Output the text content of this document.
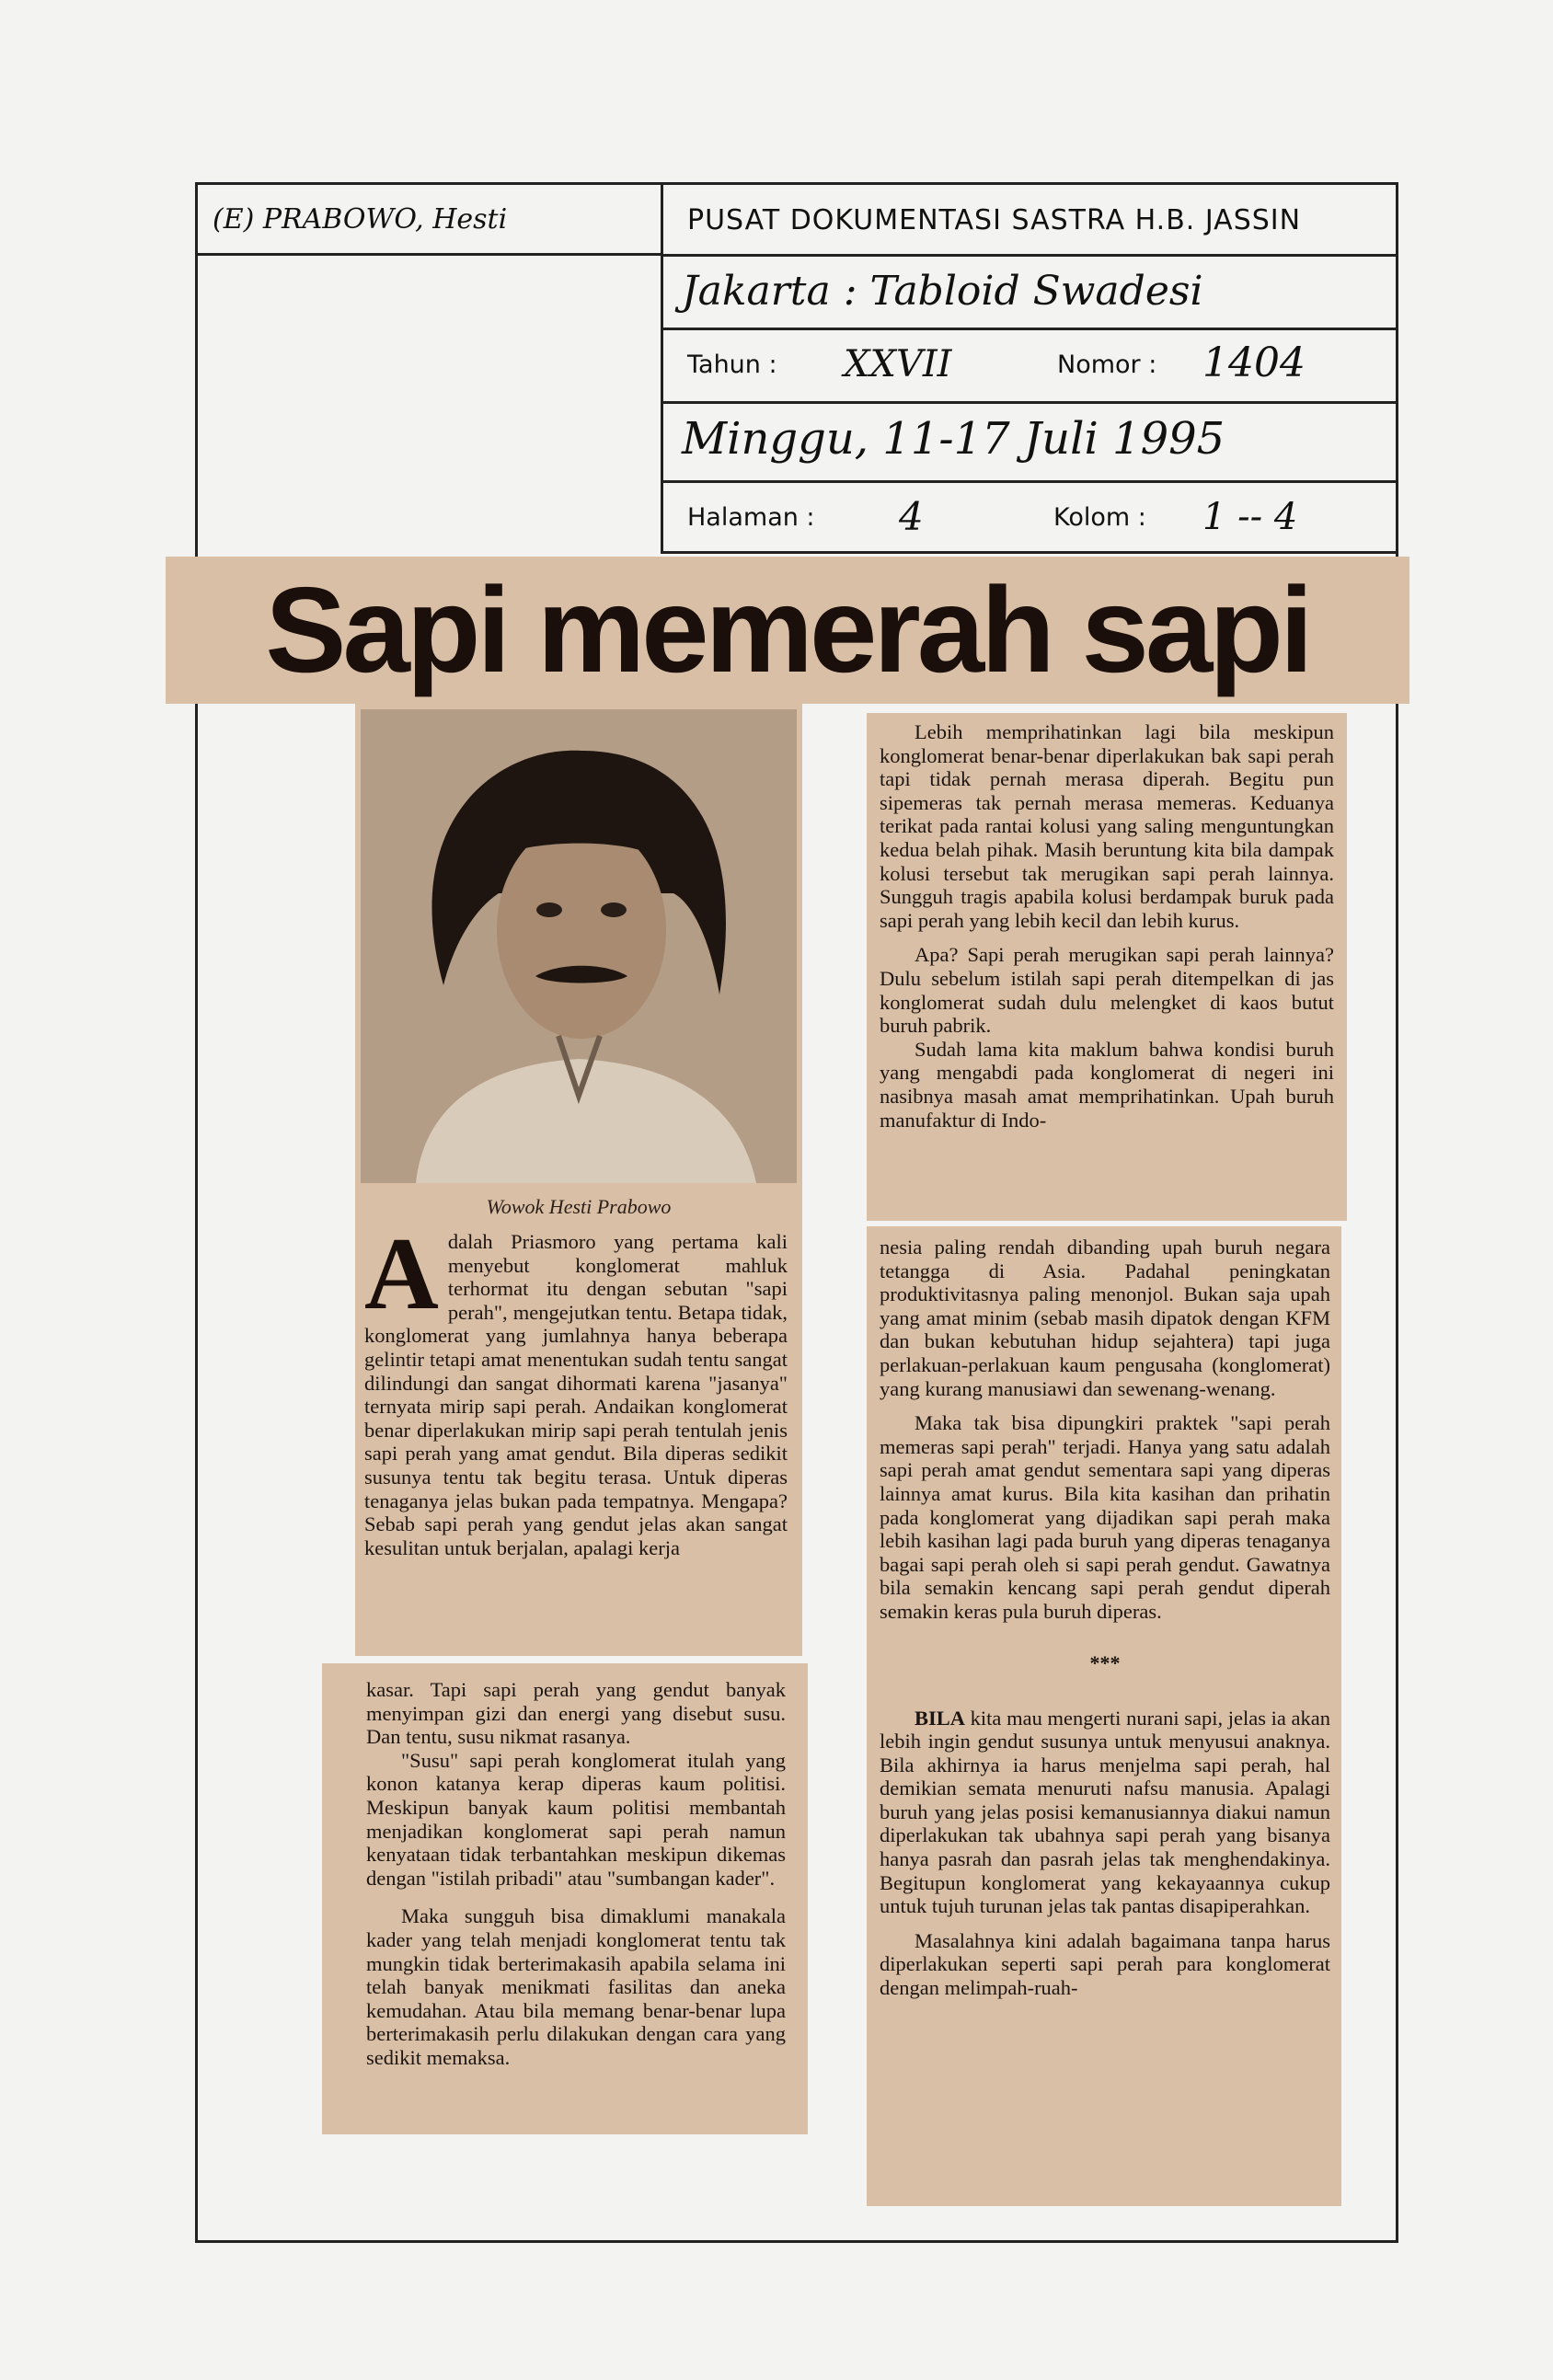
(E) PRABOWO, Hesti	PUSAT DOKUMENTASI SASTRA H.B. JASSIN
Jakarta : Tabloid Swadesi
Tahun : XXVII	Nomor : 1404
Minggu, 11-17 Juli 1995
Halaman : 4	Kolom : 1 -- 4
Sapi memerah sapi
Wowok Hesti Prabowo
A dalah Priasmoro yang pertama kali menyebut konglomerat mahluk terhormat itu dengan sebutan "sapi perah", mengejutkan tentu. Betapa tidak, konglomerat yang jumlahnya hanya beberapa gelintir tetapi amat menentukan sudah tentu sangat dilindungi dan sangat dihormati karena "jasanya" ternyata mirip sapi perah. Andaikan konglomerat benar diperlakukan mirip sapi perah tentulah jenis sapi perah yang amat gendut. Bila diperas sedikit susunya tentu tak begitu terasa. Untuk diperas tenaganya jelas bukan pada tempatnya. Mengapa? Sebab sapi perah yang gendut jelas akan sangat kesulitan untuk berjalan, apalagi kerja

kasar. Tapi sapi perah yang gendut banyak menyimpan gizi dan energi yang disebut susu. Dan tentu, susu nikmat rasanya.

"Susu" sapi perah konglomerat itulah yang konon katanya kerap diperas kaum politisi. Meskipun banyak kaum politisi membantah menjadikan konglomerat sapi perah namun kenyataan tidak terbantahkan meskipun dikemas dengan "istilah pribadi" atau "sumbangan kader".

Maka sungguh bisa dimaklumi manakala kader yang telah menjadi konglomerat tentu tak mungkin tidak berterimakasih apabila selama ini telah banyak menikmati fasilitas dan aneka kemudahan. Atau bila memang benar-benar lupa berterimakasih perlu dilakukan dengan cara yang sedikit memaksa.

Lebih memprihatinkan lagi bila meskipun konglomerat benar-benar diperlakukan bak sapi perah tapi tidak pernah merasa diperah. Begitu pun sipemeras tak pernah merasa memeras. Keduanya terikat pada rantai kolusi yang saling menguntungkan kedua belah pihak. Masih beruntung kita bila dampak kolusi tersebut tak merugikan sapi perah lainnya. Sungguh tragis apabila kolusi berdampak buruk pada sapi perah yang lebih kecil dan lebih kurus.

Apa? Sapi perah merugikan sapi perah lainnya? Dulu sebelum istilah sapi perah ditempelkan di jas konglomerat sudah dulu melengket di kaos butut buruh pabrik.

Sudah lama kita maklum bahwa kondisi buruh yang mengabdi pada konglomerat di negeri ini nasibnya masah amat memprihatinkan. Upah buruh manufaktur di Indo-

nesia paling rendah dibanding upah buruh negara tetangga di Asia. Padahal peningkatan produktivitasnya paling menonjol. Bukan saja upah yang amat minim (sebab masih dipatok dengan KFM dan bukan kebutuhan hidup sejahtera) tapi juga perlakuan-perlakuan kaum pengusaha (konglomerat) yang kurang manusiawi dan sewenang-wenang.

Maka tak bisa dipungkiri praktek "sapi perah memeras sapi perah" terjadi. Hanya yang satu adalah sapi perah amat gendut sementara sapi yang diperas lainnya amat kurus. Bila kita kasihan dan prihatin pada konglomerat yang dijadikan sapi perah maka lebih kasihan lagi pada buruh yang diperas tenaganya bagai sapi perah oleh si sapi perah gendut. Gawatnya bila semakin kencang sapi perah gendut diperah semakin keras pula buruh diperas.

***

BILA kita mau mengerti nurani sapi, jelas ia akan lebih ingin gendut susunya untuk menyusui anaknya. Bila akhirnya ia harus menjelma sapi perah, hal demikian semata menuruti nafsu manusia. Apalagi buruh yang jelas posisi kemanusiannya diakui namun diperlakukan tak ubahnya sapi perah yang bisanya hanya pasrah dan pasrah jelas tak menghendakinya. Begitupun konglomerat yang kekayaannya cukup untuk tujuh turunan jelas tak pantas disapiperahkan.

Masalahnya kini adalah bagaimana tanpa harus diperlakukan seperti sapi perah para konglomerat dengan melimpah-ruah-
